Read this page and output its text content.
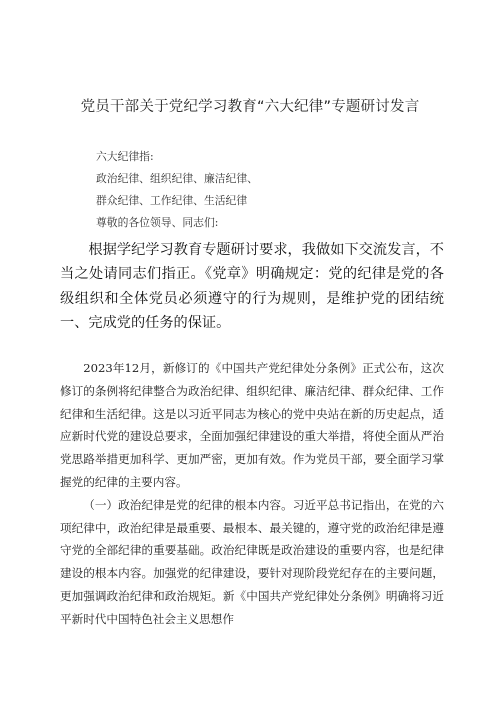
党员干部关于党纪学习教育“六大纪律”专题研讨发言
六大纪律指:
政治纪律、组织纪律、廉洁纪律、
群众纪律、工作纪律、生活纪律
尊敬的各位领导、同志们:

根据学纪学习教育专题研讨要求，我做如下交流发言，不当之处请同志们指正。《党章》明确规定：党的纪律是党的各级组织和全体党员必须遵守的行为规则，是维护党的团结统一、完成党的任务的保证。

2023年12月，新修订的《中国共产党纪律处分条例》正式公布，这次修订的条例将纪律整合为政治纪律、组织纪律、廉洁纪律、群众纪律、工作纪律和生活纪律。这是以习近平同志为核心的党中央站在新的历史起点，适应新时代党的建设总要求，全面加强纪律建设的重大举措，将使全面从严治党思路举措更加科学、更加严密，更加有效。作为党员干部，要全面学习掌握党的纪律的主要内容。

（一）政治纪律是党的纪律的根本内容。习近平总书记指出，在党的六项纪律中，政治纪律是最重要、最根本、最关键的，遵守党的政治纪律是遵守党的全部纪律的重要基础。政治纪律既是政治建设的重要内容，也是纪律建设的根本内容。加强党的纪律建设，要针对现阶段党纪存在的主要问题，更加强调政治纪律和政治规矩。新《中国共产党纪律处分条例》明确将习近平新时代中国特色社会主义思想作
